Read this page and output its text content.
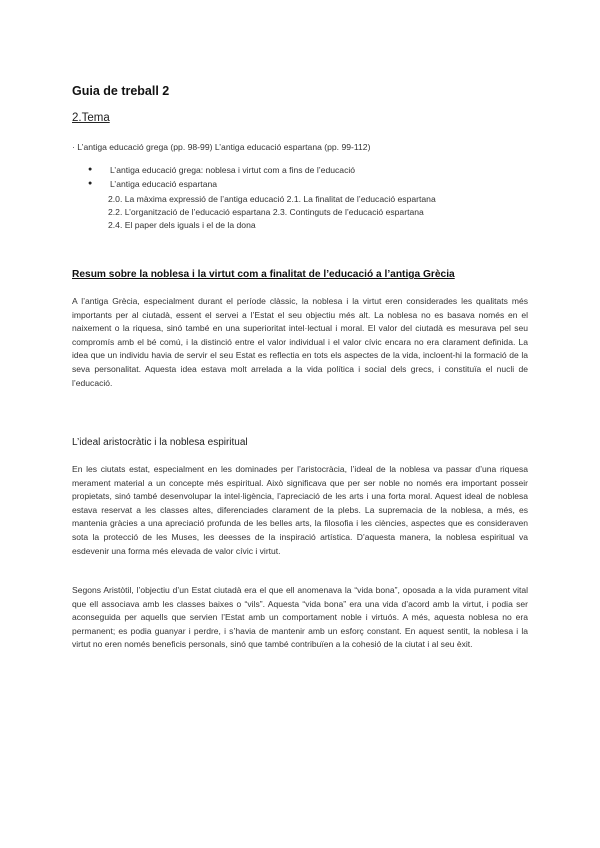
Guia de treball 2
2.Tema
· L’antiga educació grega (pp. 98-99) L’antiga educació espartana (pp. 99-112)
● L’antiga educació grega: noblesa i virtut com a fins de l’educació
● L’antiga educació espartana
2.0. La màxima expressió de l’antiga educació 2.1. La finalitat de l’educació espartana
2.2. L’organització de l’educació espartana 2.3. Continguts de l’educació espartana
2.4. El paper dels iguals i el de la dona
Resum sobre la noblesa i la virtut com a finalitat de l’educació a l’antiga Grècia

A l’antiga Grècia, especialment durant el període clàssic, la noblesa i la virtut eren considerades les qualitats més importants per al ciutadà, essent el servei a l’Estat el seu objectiu més alt. La noblesa no es basava només en el naixement o la riquesa, sinó també en una superioritat intel·lectual i moral. El valor del ciutadà es mesurava pel seu compromís amb el bé comú, i la distinció entre el valor individual i el valor cívic encara no era clarament definida. La idea que un individu havia de servir el seu Estat es reflectia en tots els aspectes de la vida, incloent-hi la formació de la seva personalitat. Aquesta idea estava molt arrelada a la vida política i social dels grecs, i constituïa el nucli de l’educació.

L’ideal aristocràtic i la noblesa espiritual

En les ciutats estat, especialment en les dominades per l’aristocràcia, l’ideal de la noblesa va passar d’una riquesa merament material a un concepte més espiritual. Això significava que per ser noble no només era important posseir propietats, sinó també desenvolupar la intel·ligència, l’apreciació de les arts i una forta moral. Aquest ideal de noblesa estava reservat a les classes altes, diferenciades clarament de la plebs. La supremacia de la noblesa, a més, es mantenia gràcies a una apreciació profunda de les belles arts, la filosofia i les ciències, aspectes que es consideraven sota la protecció de les Muses, les deesses de la inspiració artística. D’aquesta manera, la noblesa espiritual va esdevenir una forma més elevada de valor cívic i virtut.

Segons Aristòtil, l’objectiu d’un Estat ciutadà era el que ell anomenava la “vida bona”, oposada a la vida purament vital que ell associava amb les classes baixes o “vils”. Aquesta “vida bona” era una vida d’acord amb la virtut, i podia ser aconseguida per aquells que servien l’Estat amb un comportament noble i virtuós. A més, aquesta noblesa no era permanent; es podia guanyar i perdre, i s’havia de mantenir amb un esforç constant. En aquest sentit, la noblesa i la virtut no eren només beneficis personals, sinó que també contribuïen a la cohesió de la ciutat i al seu èxit.
